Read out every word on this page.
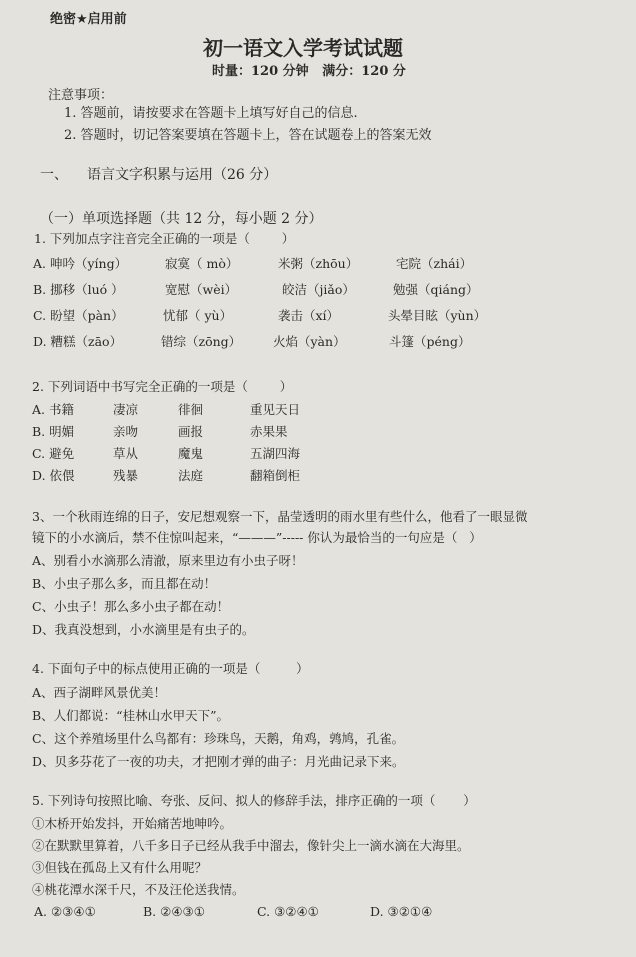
绝密★启用前
初一语文入学考试试题
时量：120 分钟   满分：120 分
注意事项：
1. 答题前，请按要求在答题卡上填写好自己的信息.
2. 答题时，切记答案要填在答题卡上，答在试题卷上的答案无效
一、 语言文字积累与运用（26 分）
（一）单项选择题（共 12 分，每小题 2 分）
1. 下列加点字注音完全正确的一项是（        ）
A. 呻吟（yíng）	寂寞（ mò）	米粥（zhōu）	宅院（zhái）
B. 挪移（luó ）	宽慰（wèi）	皎洁（jiǎo）	勉强（qiáng）
C. 盼望（pàn）	忧郁（ yù）	袭击（xí）	头晕目眩（yùn）
D. 糟糕（zāo）	错综（zōng）	火焰（yàn）	斗篷（péng）
2. 下列词语中书写完全正确的一项是（        ）
A. 书籍	凄凉	徘徊	重见天日
B. 明媚	亲吻	画报	赤果果
C. 避免	草从	魔鬼	五湖四海
D. 依偎	残暴	法庭	翻箱倒柜
3、一个秋雨连绵的日子，安尼想观察一下，晶莹透明的雨水里有些什么，他看了一眼显微
镜下的小水滴后，禁不住惊叫起来，“———”----- 你认为最恰当的一句应是（   ）
A、别看小水滴那么清澈，原来里边有小虫子呀！
B、小虫子那么多，而且都在动！
C、小虫子！那么多小虫子都在动！
D、我真没想到，小水滴里是有虫子的。
4. 下面句子中的标点使用正确的一项是（         ）
A、西子湖畔风景优美！
B、人们都说：“桂林山水甲天下”。
C、这个养殖场里什么鸟都有：珍珠鸟，天鹅，角鸡，鹑鸠，孔雀。
D、贝多芬花了一夜的功夫，才把刚才弹的曲子：月光曲记录下来。
5. 下列诗句按照比喻、夸张、反问、拟人的修辞手法，排序正确的一项（       ）
①木桥开始发抖，开始痛苦地呻吟。
②在默默里算着，八千多日子已经从我手中溜去，像针尖上一滴水滴在大海里。
③但钱在孤岛上又有什么用呢？
④桃花潭水深千尺，不及汪伦送我情。
A. ②③④①	B. ②④③①	C. ③②④①	D. ③②①④
